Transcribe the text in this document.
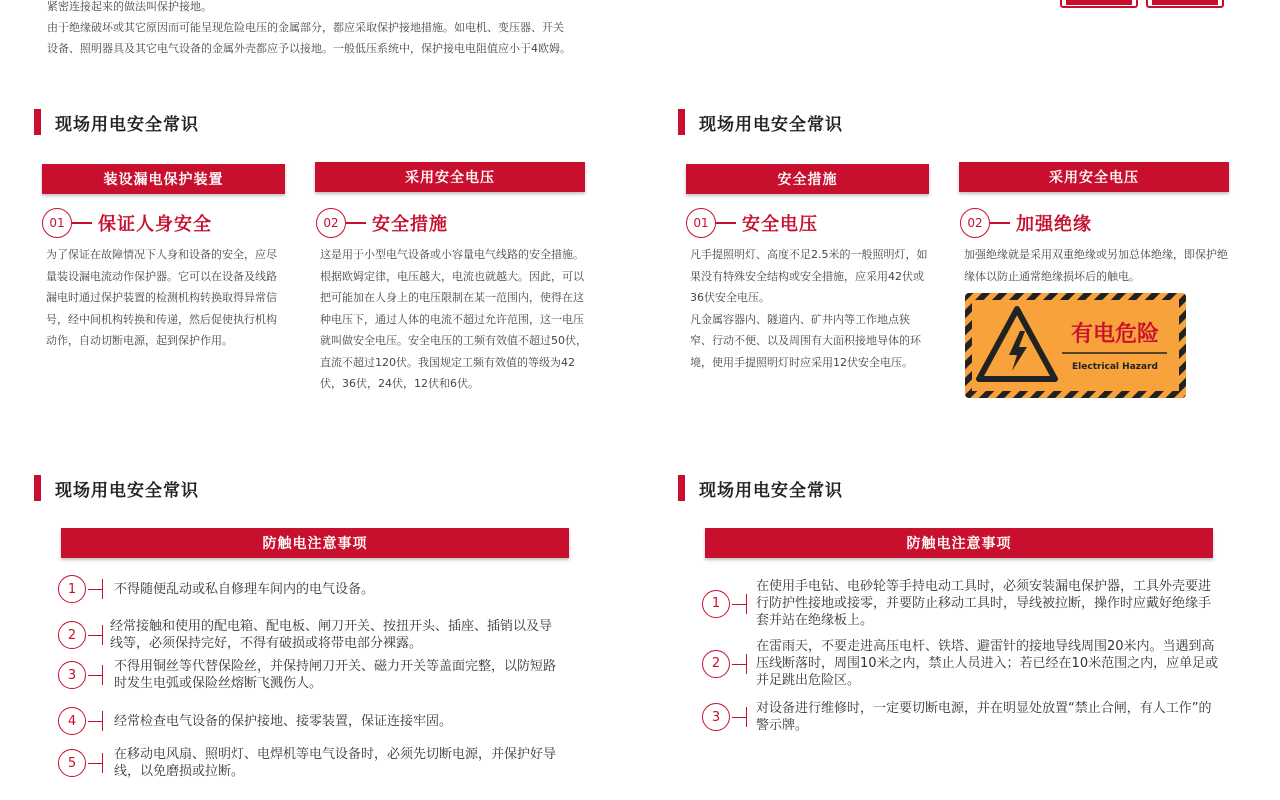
紧密连接起来的做法叫保护接地。
由于绝缘破坏或其它原因而可能呈现危险电压的金属部分，都应采取保护接地措施。如电机、变压器、开关
设备、照明器具及其它电气设备的金属外壳都应予以接地。一般低压系统中，保护接电电阻值应小于4欧姆。
现场用电安全常识
装设漏电保护装置
01	保证人身安全
为了保证在故障情况下人身和设备的安全，应尽量装设漏电流动作保护器。它可以在设备及线路漏电时通过保护装置的检测机构转换取得异常信号，经中间机构转换和传递，然后促使执行机构动作，自动切断电源，起到保护作用。
采用安全电压
02	安全措施
这是用于小型电气设备或小容量电气线路的安全措施。根据欧姆定律，电压越大，电流也就越大。因此，可以把可能加在人身上的电压限制在某一范围内，使得在这种电压下，通过人体的电流不超过允许范围，这一电压就叫做安全电压。安全电压的工频有效值不超过50伏，直流不超过120伏。我国规定工频有效值的等级为42伏，36伏，24伏，12伏和6伏。
现场用电安全常识
安全措施
01	安全电压
凡手提照明灯、高度不足2.5米的一般照明灯，如果没有特殊安全结构或安全措施，应采用42伏或36伏安全电压。
凡金属容器内、隧道内、矿井内等工作地点狭窄、行动不便、以及周围有大面积接地导体的环境，使用手提照明灯时应采用12伏安全电压。
采用安全电压
02	加强绝缘
加强绝缘就是采用双重绝缘或另加总体绝缘，即保护绝缘体以防止通常绝缘损坏后的触电。
有电危险
Electrical Hazard
现场用电安全常识
防触电注意事项
1	不得随便乱动或私自修理车间内的电气设备。
2
经常接触和使用的配电箱、配电板、闸刀开关、按扭开头、插座、插销以及导线等，必须保持完好，不得有破损或将带电部分裸露。
3
不得用铜丝等代替保险丝，并保持闸刀开关、磁力开关等盖面完整，以防短路时发生电弧或保险丝熔断飞溅伤人。
4	经常检查电气设备的保护接地、接零装置，保证连接牢固。
5
在移动电风扇、照明灯、电焊机等电气设备时，必须先切断电源，并保护好导线，以免磨损或拉断。
现场用电安全常识
防触电注意事项
1
在使用手电钻、电砂轮等手持电动工具时，必须安装漏电保护器，工具外壳要进行防护性接地或接零，并要防止移动工具时，导线被拉断，操作时应戴好绝缘手套并站在绝缘板上。
2
在雷雨天，不要走进高压电杆、铁塔、避雷针的接地导线周围20米内。当遇到高压线断落时，周围10米之内，禁止人员进入；若已经在10米范围之内，应单足或并足跳出危险区。
3
对设备进行维修时，一定要切断电源，并在明显处放置“禁止合闸，有人工作”的警示牌。
